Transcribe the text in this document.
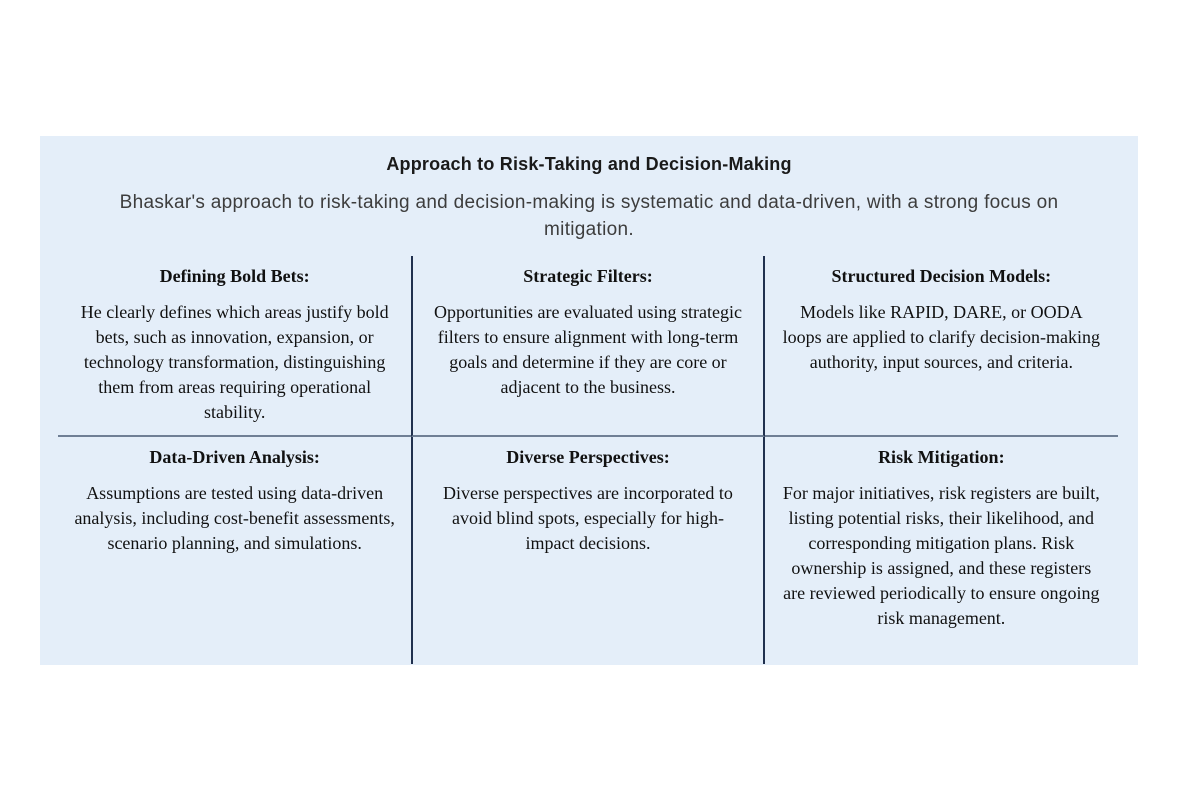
Approach to Risk-Taking and Decision-Making

Bhaskar's approach to risk-taking and decision-making is systematic and data-driven, with a strong focus on mitigation.

Defining Bold Bets:

He clearly defines which areas justify bold bets, such as innovation, expansion, or technology transformation, distinguishing them from areas requiring operational stability.

Strategic Filters:

Opportunities are evaluated using strategic filters to ensure alignment with long-term goals and determine if they are core or adjacent to the business.

Structured Decision Models:

Models like RAPID, DARE, or OODA loops are applied to clarify decision-making authority, input sources, and criteria.

Data-Driven Analysis:

Assumptions are tested using data-driven analysis, including cost-benefit assessments, scenario planning, and simulations.

Diverse Perspectives:

Diverse perspectives are incorporated to avoid blind spots, especially for high-impact decisions.

Risk Mitigation:

For major initiatives, risk registers are built, listing potential risks, their likelihood, and corresponding mitigation plans. Risk ownership is assigned, and these registers are reviewed periodically to ensure ongoing risk management.
